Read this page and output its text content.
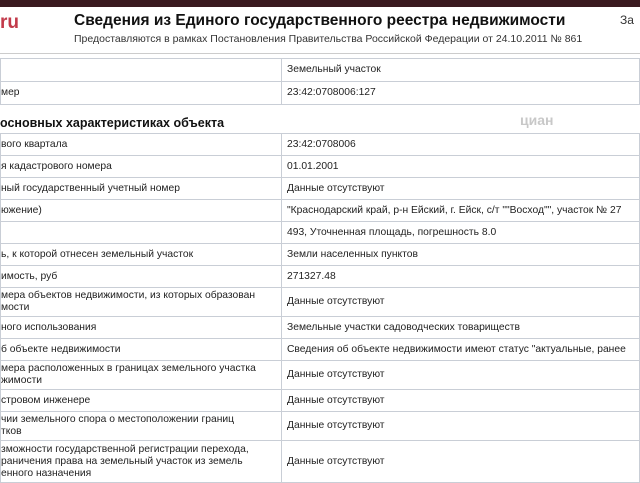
ru	Сведения из Единого государственного реестра недвижимости
Предоставляются в рамках Постановления Правительства Российской Федерации от 24.10.2011 № 861
За
	Земельный участок
мер	23:42:0708006:127
основных характеристиках объекта	циан
вого квартала	23:42:0708006
я кадастрового номера	01.01.2001
ный государственный учетный номер	Данные отсутствуют
южение)	"Краснодарский край, р-н Ейский, г. Ейск, с/т ""Восход"", участок № 27
	493, Уточненная площадь, погрешность 8.0
ь, к которой отнесен земельный участок	Земли населенных пунктов
имость, руб	271327.48
мера объектов недвижимости, из которых образован
мости	Данные отсутствуют
ного использования	Земельные участки садоводческих товариществ
б объекте недвижимости	Сведения об объекте недвижимости имеют статус "актуальные, ранее
мера расположенных в границах земельного участка
жимости	Данные отсутствуют
стровом инженере	Данные отсутствуют
чии земельного спора о местоположении границ
тков	Данные отсутствуют
зможности государственной регистрации перехода,
раничения права на земельный участок из земель
енного назначения	Данные отсутствуют
